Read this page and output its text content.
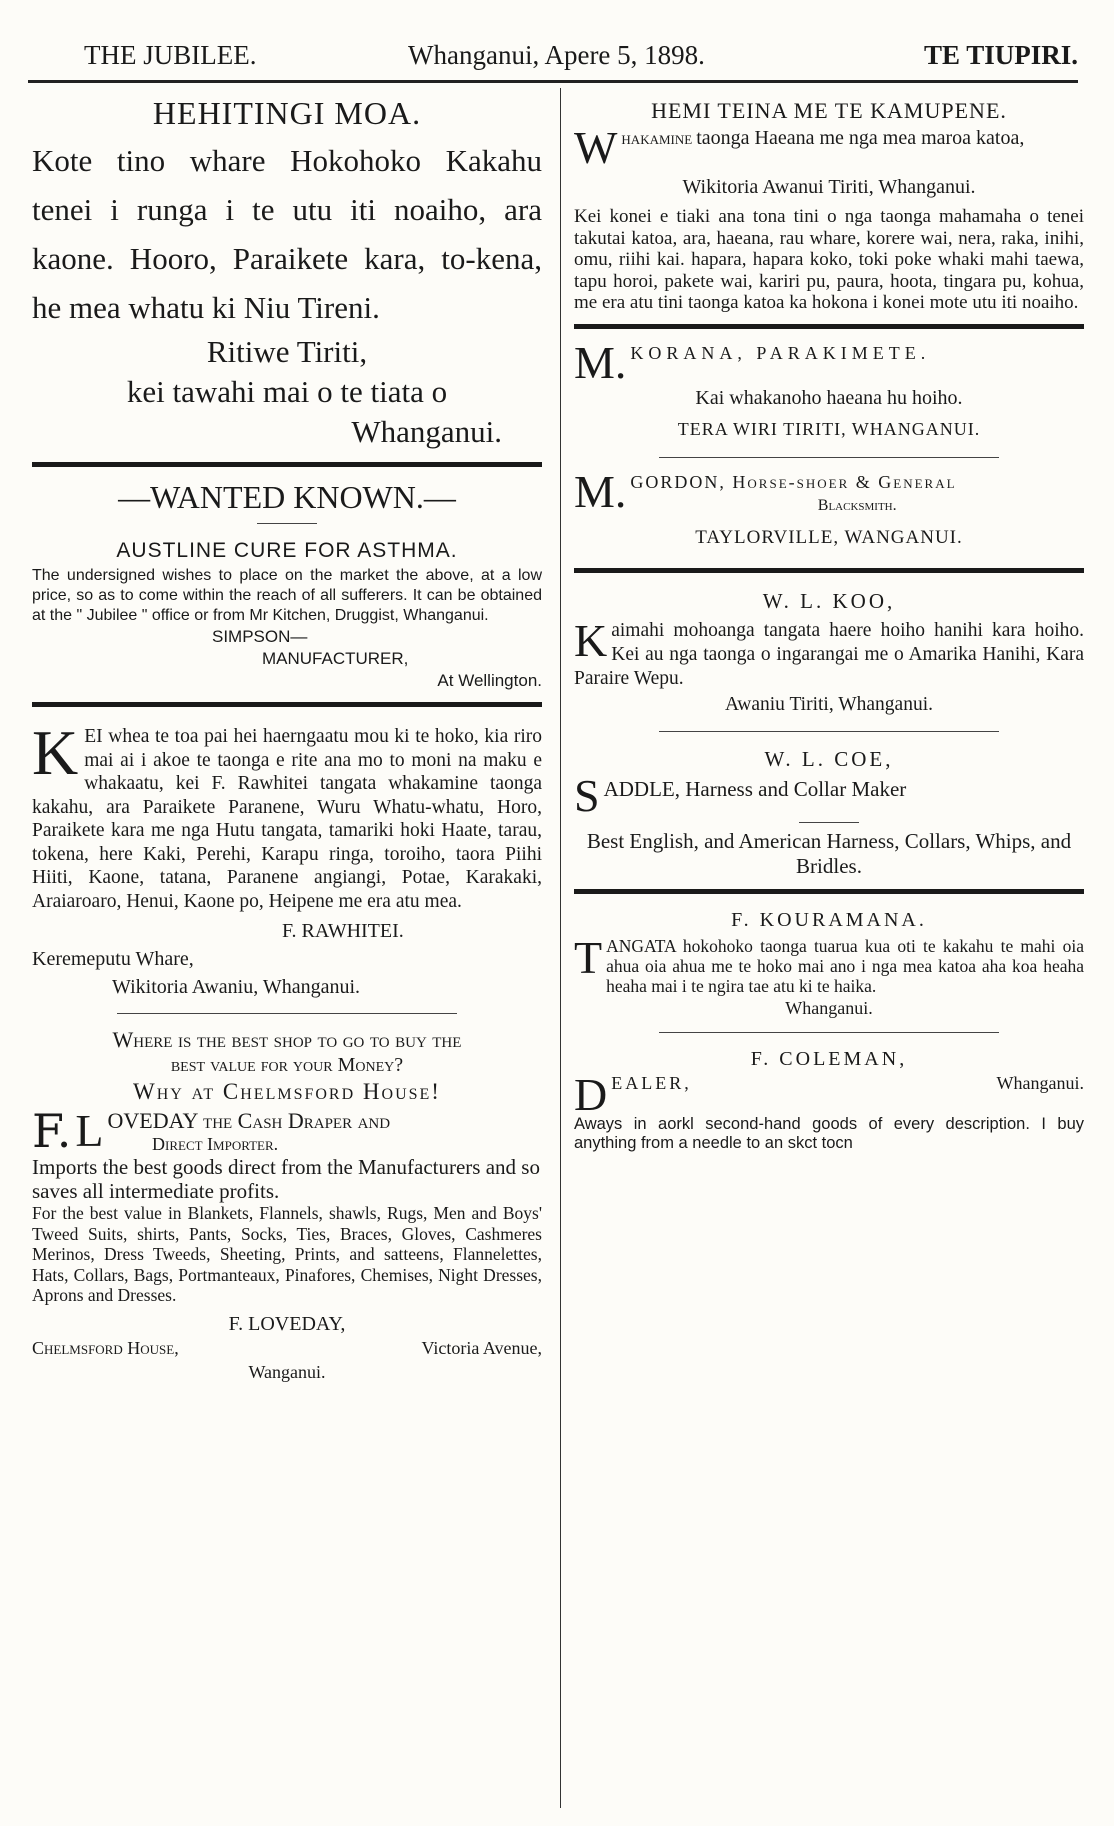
THE JUBILEE.	Whanganui, Apere 5, 1898.	TE TIUPIRI.

HEHITINGI MOA.

Kote tino whare Hokohoko Kakahu tenei i runga i te utu iti noaiho, ara kaone. Hooro, Paraikete kara, to-kena, he mea whatu ki Niu Tireni.

Ritiwe Tiriti,

kei tawahi mai o te tiata o

Whanganui.

—WANTED KNOWN.—

AUSTLINE CURE FOR ASTHMA.

The undersigned wishes to place on the market the above, at a low price, so as to come within the reach of all sufferers. It can be obtained at the " Jubilee " office or from Mr Kitchen, Druggist, Whanganui.

SIMPSON—

MANUFACTURER,

At Wellington.

K EI whea te toa pai hei haerngaatu mou ki te hoko, kia riro mai ai i akoe te taonga e rite ana mo to moni na maku e whakaatu, kei F. Rawhitei tangata whakamine taonga kakahu, ara Paraikete Paranene, Wuru Whatu-whatu, Horo, Paraikete kara me nga Hutu tangata, tamariki hoki Haate, tarau, tokena, here Kaki, Perehi, Karapu ringa, toroiho, taora Piihi Hiiti, Kaone, tatana, Paranene angiangi, Potae, Karakaki, Araiaroaro, Henui, Kaone po, Heipene me era atu mea.

F. RAWHITEI.

Keremeputu Whare,

Wikitoria Awaniu, Whanganui.

Where is the best shop to go to buy the

best value for your Money?

Why at Chelmsford House!

F. L OVEDAY the Cash Draper and

Direct Importer.

Imports the best goods direct from the Manufacturers and so saves all intermediate profits.

For the best value in Blankets, Flannels, shawls, Rugs, Men and Boys' Tweed Suits, shirts, Pants, Socks, Ties, Braces, Gloves, Cashmeres Merinos, Dress Tweeds, Sheeting, Prints, and satteens, Flannelettes, Hats, Collars, Bags, Portmanteaux, Pinafores, Chemises, Night Dresses, Aprons and Dresses.

F. LOVEDAY,

Chelmsford House,	Victoria Avenue,

Wanganui.

HEMI TEINA ME TE KAMUPENE.

W hakamine taonga Haeana me nga mea maroa katoa,

Wikitoria Awanui Tiriti, Whanganui.

Kei konei e tiaki ana tona tini o nga taonga mahamaha o tenei takutai katoa, ara, haeana, rau whare, korere wai, nera, raka, inihi, omu, riihi kai. hapara, hapara koko, toki poke whaki mahi taewa, tapu horoi, pakete wai, kariri pu, paura, hoota, tingara pu, kohua, me era atu tini taonga katoa ka hokona i konei mote utu iti noaiho.

M. KORANA, PARAKIMETE.

Kai whakanoho haeana hu hoiho.

TERA WIRI TIRITI, WHANGANUI.

M. GORDON, Horse-shoer & General

Blacksmith.

TAYLORVILLE, WANGANUI.

W. L. KOO,

K aimahi mohoanga tangata haere hoiho hanihi kara hoiho. Kei au nga taonga o ingarangai me o Amarika Hanihi, Kara Paraire Wepu.

Awaniu Tiriti, Whanganui.

W. L. COE,

S ADDLE, Harness and Collar Maker

Best English, and American Harness, Collars, Whips, and Bridles.

F. KOURAMANA.

T ANGATA hokohoko taonga tuarua kua oti te kakahu te mahi oia ahua oia ahua me te hoko mai ano i nga mea katoa aha koa heaha heaha mai i te ngira tae atu ki te haika.

Whanganui.

F. COLEMAN,

D EALER,	Whanganui.

Aways in aorkl second-hand goods of every description. I buy anything from a needle to an skct tocn
